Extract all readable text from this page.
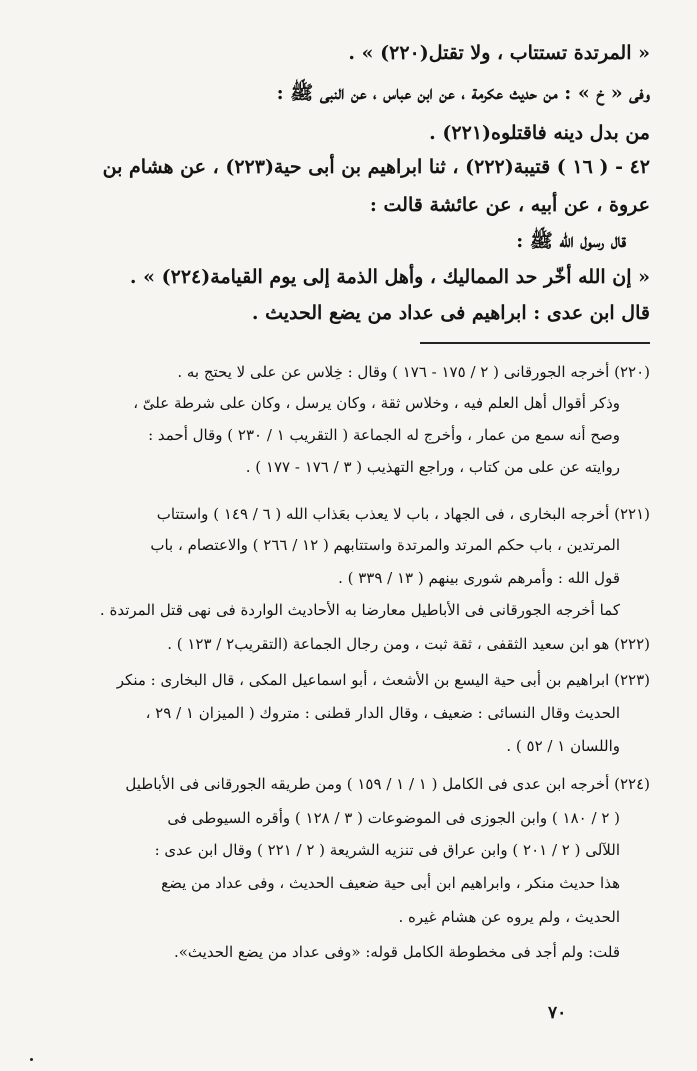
« المرتدة تستتاب ، ولا تقتل(٢٢٠) » .
وفى « خ » : من حديث عكرمة ، عن ابن عباس ، عن النبى ﷺ :
من بدل دينه فاقتلوه(٢٢١) .
٤٢ - ( ١٦ ) قتيبة(٢٢٢) ، ثنا ابراهيم بن أبى حية(٢٢٣) ، عن هشام بن
عروة ، عن أبيه ، عن عائشة قالت :
قال رسول الله ﷺ :
« إن الله أخّر حد المماليك ، وأهل الذمة إلى يوم القيامة(٢٢٤) » .
قال ابن عدى : ابراهيم فى عداد من يضع الحديث .
(٢٢٠) أخرجه الجورقانى ( ٢ / ١٧٥ - ١٧٦ ) وقال : خِلاس عن على لا يحتج به .
وذكر أقوال أهل العلم فيه ، وخلاس ثقة ، وكان يرسل ، وكان على شرطة علىّ ،
وصح أنه سمع من عمار ، وأخرج له الجماعة ( التقريب ١ / ٢٣٠ ) وقال أحمد :
روايته عن على من كتاب ، وراجع التهذيب ( ٣ / ١٧٦ - ١٧٧ ) .
(٢٢١) أخرجه البخارى ، فى الجهاد ، باب لا يعذب بعَذاب الله ( ٦ / ١٤٩ ) واستتاب
المرتدين ، باب حكم المرتد والمرتدة واستتابهم ( ١٢ / ٢٦٦ ) والاعتصام ، باب
قول الله : وأمرهم شورى بينهم ( ١٣ / ٣٣٩ ) .
كما أخرجه الجورقانى فى الأباطيل معارضا به الأحاديث الواردة فى نهى قتل المرتدة .
(٢٢٢) هو ابن سعيد الثقفى ، ثقة ثبت ، ومن رجال الجماعة (التقريب٢ / ١٢٣ ) .
(٢٢٣) ابراهيم بن أبى حية اليسع بن الأشعث ، أبو اسماعيل المكى ، قال البخارى : منكر
الحديث وقال النسائى : ضعيف ، وقال الدار قطنى : متروك ( الميزان ١ / ٢٩ ،
واللسان ١ / ٥٢ ) .
(٢٢٤) أخرجه ابن عدى فى الكامل ( ١ / ١ / ١٥٩ ) ومن طريقه الجورقانى فى الأباطيل
( ٢ / ١٨٠ ) وابن الجوزى فى الموضوعات ( ٣ / ١٢٨ ) وأقره السيوطى فى
اللآلى ( ٢ / ٢٠١ ) وابن عراق فى تنزيه الشريعة ( ٢ / ٢٢١ ) وقال ابن عدى :
هذا حديث منكر ، وابراهيم ابن أبى حية ضعيف الحديث ، وفى عداد من يضع
الحديث ، ولم يروه عن هشام غيره .
قلت: ولم أجد فى مخطوطة الكامل قوله: «وفى عداد من يضع الحديث».
٧٠
